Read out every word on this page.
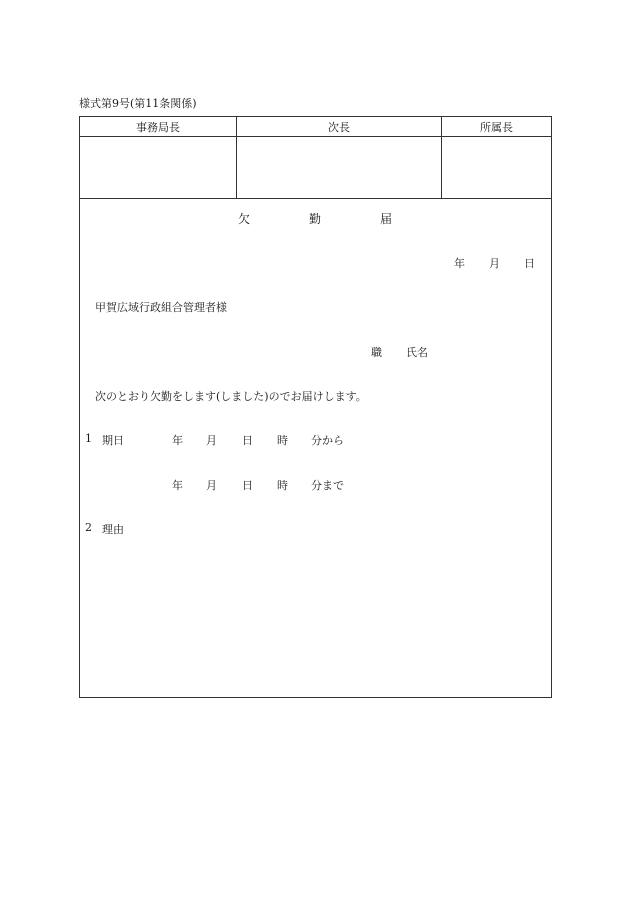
様式第9号(第11条関係)
事務局長	次長	所属長

欠	勤	届
年 月 日
甲賀広域行政組合管理者様
職 氏名
次のとおり欠勤をします(しました)のでお届けします。
1 期日	年 月 日 時 分から
年 月 日 時 分まで
2 理由
